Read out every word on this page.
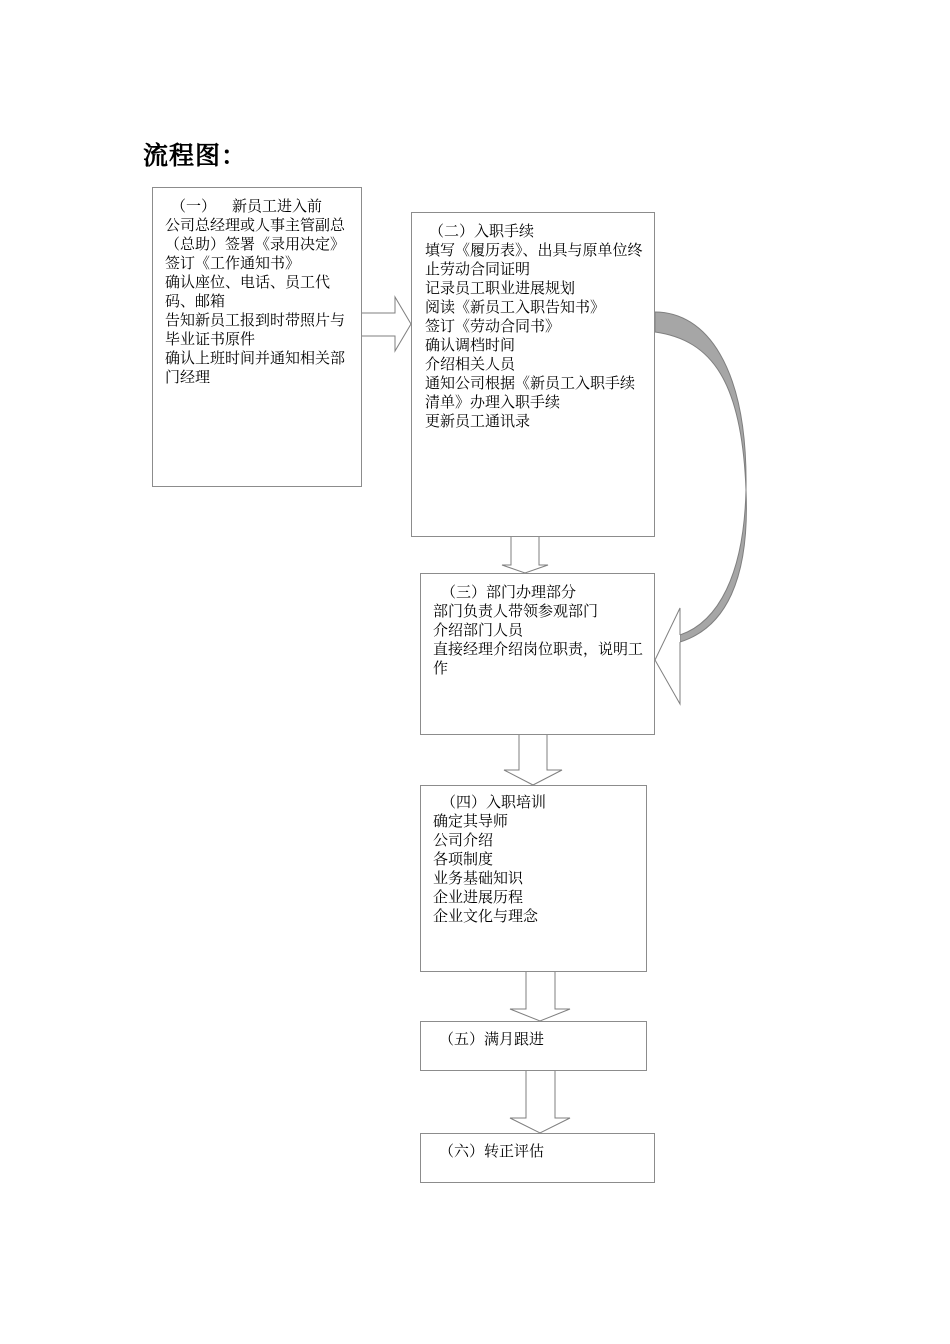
流程图：
（一） 新员工进入前
公司总经理或人事主管副总（总助）签署《录用决定》
签订《工作通知书》
确认座位、电话、员工代码、邮箱
告知新员工报到时带照片与毕业证书原件
确认上班时间并通知相关部门经理
（二）入职手续
填写《履历表》、出具与原单位终止劳动合同证明
记录员工职业进展规划
阅读《新员工入职告知书》
签订《劳动合同书》
确认调档时间
介绍相关人员
通知公司根据《新员工入职手续清单》办理入职手续
更新员工通讯录
（三）部门办理部分
部门负责人带领参观部门
介绍部门人员
直接经理介绍岗位职责，说明工作
（四）入职培训
确定其导师
公司介绍
各项制度
业务基础知识
企业进展历程
企业文化与理念
（五）满月跟进
（六）转正评估
